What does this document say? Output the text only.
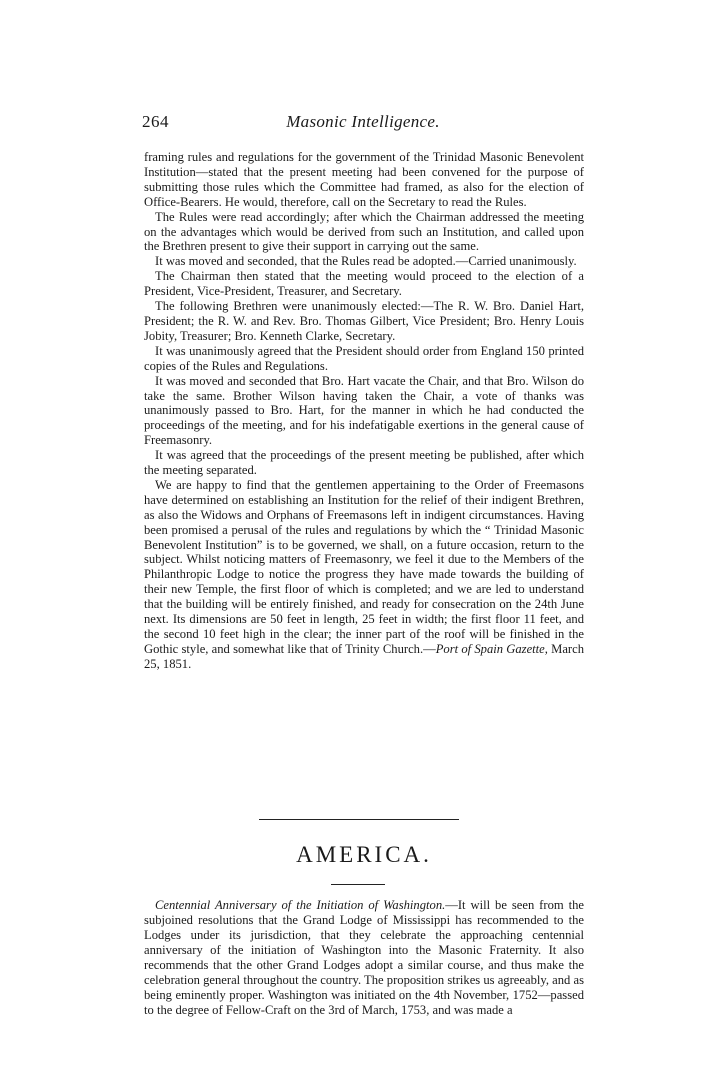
264	Masonic Intelligence.

framing rules and regulations for the government of the Trinidad Masonic Benevolent Institution—stated that the present meeting had been convened for the purpose of submitting those rules which the Committee had framed, as also for the election of Office-Bearers. He would, therefore, call on the Secretary to read the Rules.

The Rules were read accordingly; after which the Chairman addressed the meeting on the advantages which would be derived from such an Institution, and called upon the Brethren present to give their support in carrying out the same.

It was moved and seconded, that the Rules read be adopted.—Carried unanimously.

The Chairman then stated that the meeting would proceed to the election of a President, Vice-President, Treasurer, and Secretary.

The following Brethren were unanimously elected:—The R. W. Bro. Daniel Hart, President; the R. W. and Rev. Bro. Thomas Gilbert, Vice President; Bro. Henry Louis Jobity, Treasurer; Bro. Kenneth Clarke, Secretary.

It was unanimously agreed that the President should order from England 150 printed copies of the Rules and Regulations.

It was moved and seconded that Bro. Hart vacate the Chair, and that Bro. Wilson do take the same. Brother Wilson having taken the Chair, a vote of thanks was unanimously passed to Bro. Hart, for the manner in which he had conducted the proceedings of the meeting, and for his indefatigable exertions in the general cause of Freemasonry.

It was agreed that the proceedings of the present meeting be published, after which the meeting separated.

We are happy to find that the gentlemen appertaining to the Order of Freemasons have determined on establishing an Institution for the relief of their indigent Brethren, as also the Widows and Orphans of Freemasons left in indigent circumstances. Having been promised a perusal of the rules and regulations by which the “ Trinidad Masonic Benevolent Institution” is to be governed, we shall, on a future occasion, return to the subject. Whilst noticing matters of Freemasonry, we feel it due to the Members of the Philanthropic Lodge to notice the progress they have made towards the building of their new Temple, the first floor of which is completed; and we are led to understand that the building will be entirely finished, and ready for consecration on the 24th June next. Its dimensions are 50 feet in length, 25 feet in width; the first floor 11 feet, and the second 10 feet high in the clear; the inner part of the roof will be finished in the Gothic style, and somewhat like that of Trinity Church.—Port of Spain Gazette, March 25, 1851.

AMERICA.

Centennial Anniversary of the Initiation of Washington.—It will be seen from the subjoined resolutions that the Grand Lodge of Mississippi has recommended to the Lodges under its jurisdiction, that they celebrate the approaching centennial anniversary of the initiation of Washington into the Masonic Fraternity. It also recommends that the other Grand Lodges adopt a similar course, and thus make the celebration general throughout the country. The proposition strikes us agreeably, and as being eminently proper. Washington was initiated on the 4th November, 1752—passed to the degree of Fellow-Craft on the 3rd of March, 1753, and was made a
